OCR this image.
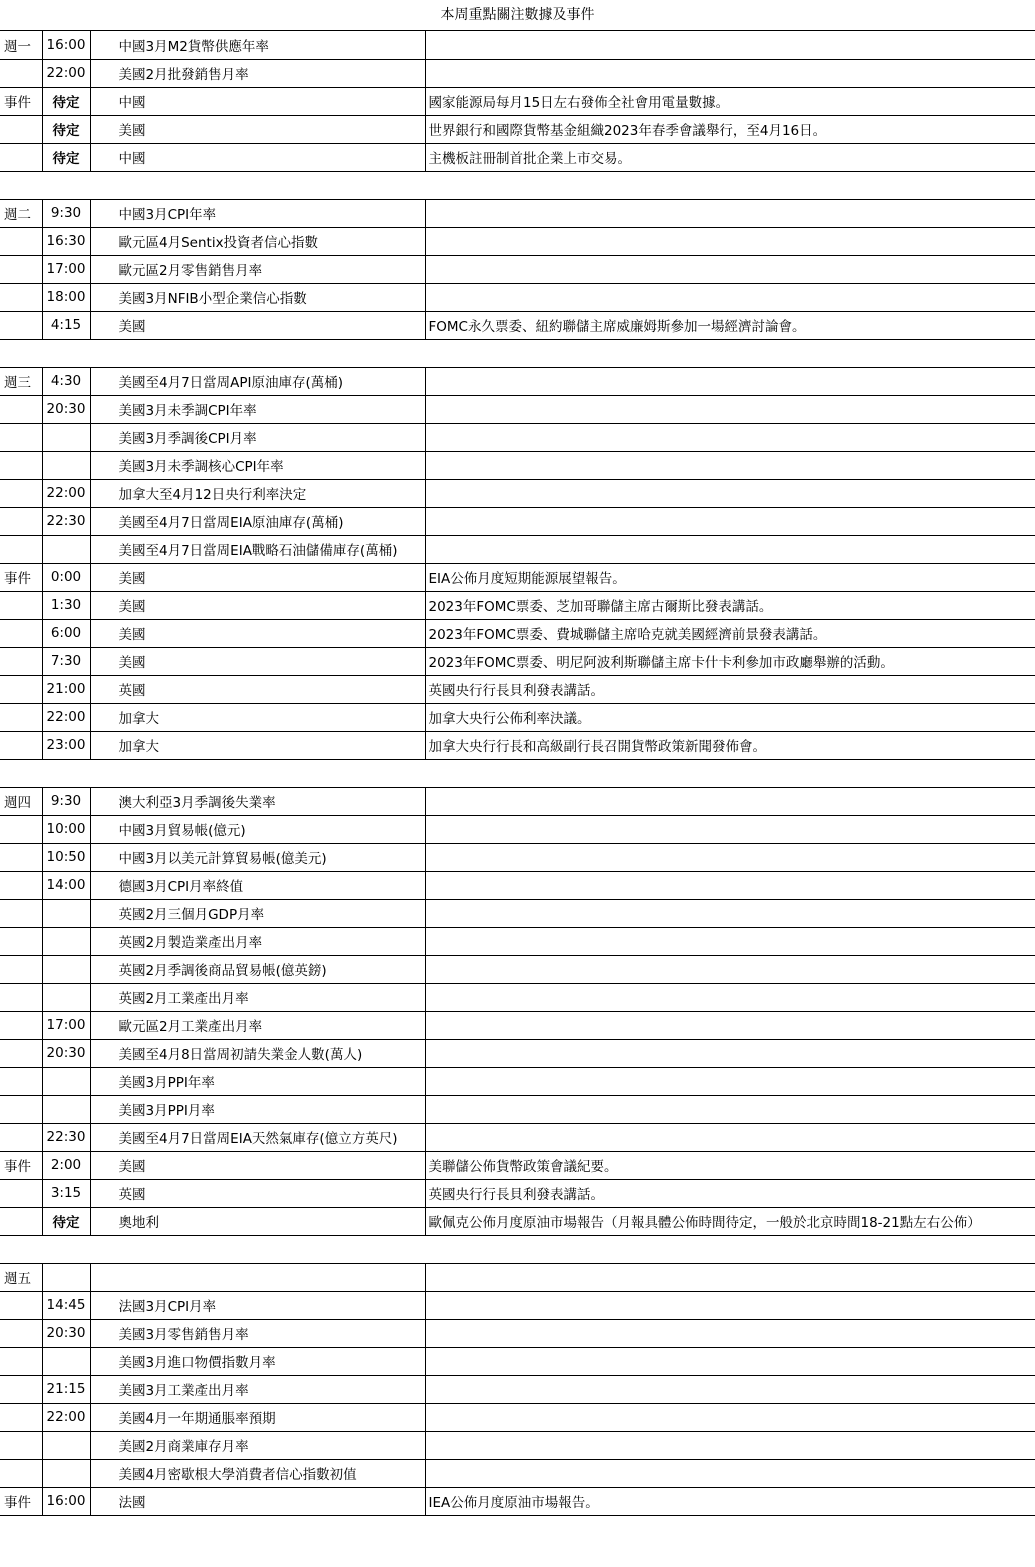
本周重點關注數據及事件
週一	16:00	中國3月M2貨幣供應年率	
	22:00	美國2月批發銷售月率	
事件	待定	中國	國家能源局每月15日左右發佈全社會用電量數據。
	待定	美國	世界銀行和國際貨幣基金組織2023年春季會議舉行，至4月16日。
	待定	中國	主機板註冊制首批企業上市交易。

週二	9:30	中國3月CPI年率	
	16:30	歐元區4月Sentix投資者信心指數	
	17:00	歐元區2月零售銷售月率	
	18:00	美國3月NFIB小型企業信心指數	
	4:15	美國	FOMC永久票委、紐約聯儲主席威廉姆斯參加一場經濟討論會。

週三	4:30	美國至4月7日當周API原油庫存(萬桶)	
	20:30	美國3月未季調CPI年率	
		美國3月季調後CPI月率	
		美國3月未季調核心CPI年率	
	22:00	加拿大至4月12日央行利率決定	
	22:30	美國至4月7日當周EIA原油庫存(萬桶)	
		美國至4月7日當周EIA戰略石油儲備庫存(萬桶)	
事件	0:00	美國	EIA公佈月度短期能源展望報告。
	1:30	美國	2023年FOMC票委、芝加哥聯儲主席古爾斯比發表講話。
	6:00	美國	2023年FOMC票委、費城聯儲主席哈克就美國經濟前景發表講話。
	7:30	美國	2023年FOMC票委、明尼阿波利斯聯儲主席卡什卡利參加市政廳舉辦的活動。
	21:00	英國	英國央行行長貝利發表講話。
	22:00	加拿大	加拿大央行公佈利率決議。
	23:00	加拿大	加拿大央行行長和高級副行長召開貨幣政策新聞發佈會。

週四	9:30	澳大利亞3月季調後失業率	
	10:00	中國3月貿易帳(億元)	
	10:50	中國3月以美元計算貿易帳(億美元)	
	14:00	德國3月CPI月率終值	
		英國2月三個月GDP月率	
		英國2月製造業產出月率	
		英國2月季調後商品貿易帳(億英鎊)	
		英國2月工業產出月率	
	17:00	歐元區2月工業產出月率	
	20:30	美國至4月8日當周初請失業金人數(萬人)	
		美國3月PPI年率	
		美國3月PPI月率	
	22:30	美國至4月7日當周EIA天然氣庫存(億立方英尺)	
事件	2:00	美國	美聯儲公佈貨幣政策會議紀要。
	3:15	英國	英國央行行長貝利發表講話。
	待定	奧地利	歐佩克公佈月度原油市場報告（月報具體公佈時間待定，一般於北京時間18-21點左右公佈）

週五			
	14:45	法國3月CPI月率	
	20:30	美國3月零售銷售月率	
		美國3月進口物價指數月率	
	21:15	美國3月工業產出月率	
	22:00	美國4月一年期通脹率預期	
		美國2月商業庫存月率	
		美國4月密歇根大學消費者信心指數初值	
事件	16:00	法國	IEA公佈月度原油市場報告。
